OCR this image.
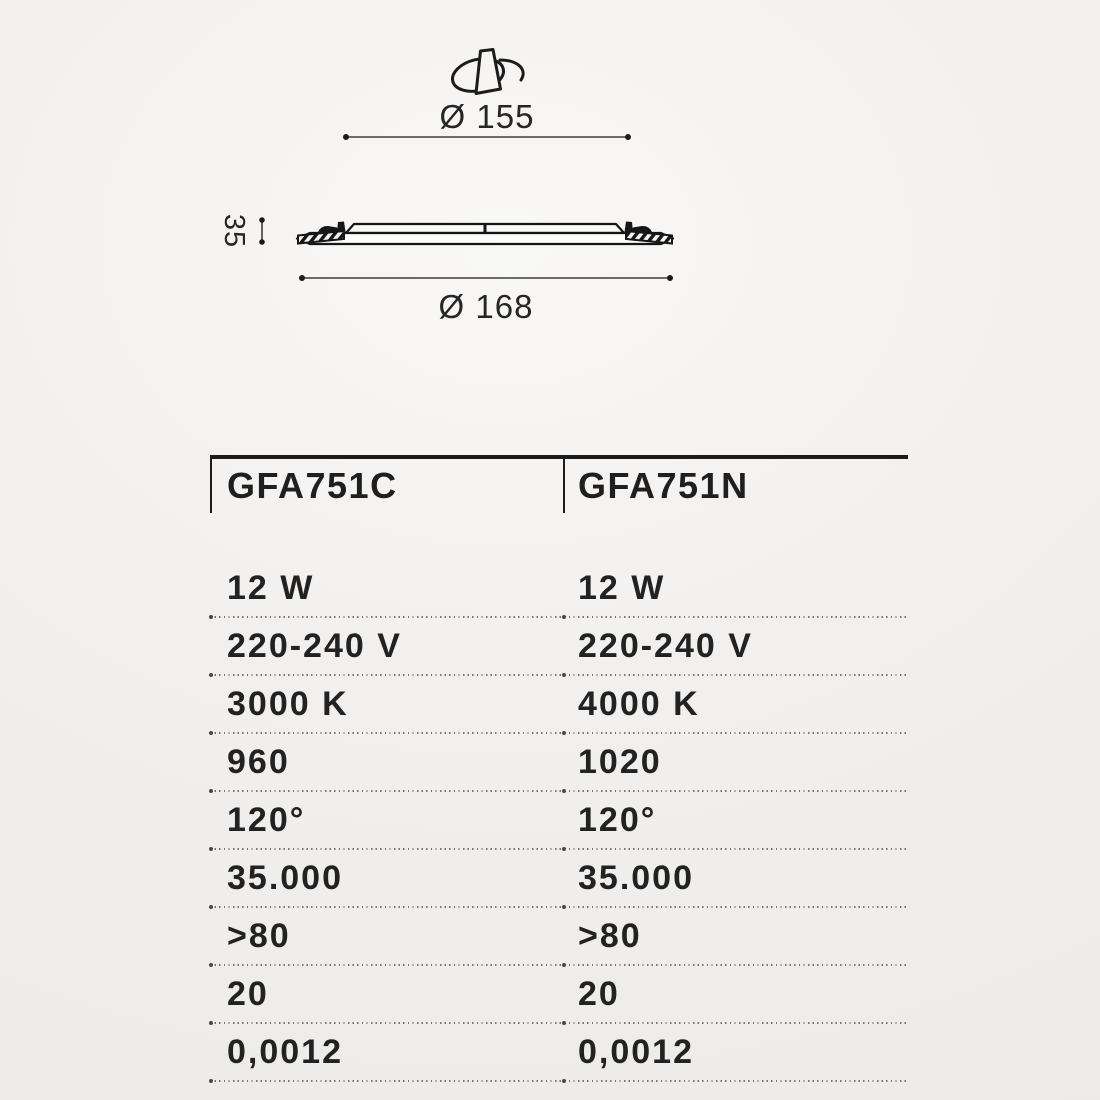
Ø 155
35
Ø 168
GFA751C	GFA751N
12 W	12 W
220-240 V	220-240 V
3000 K	4000 K
960	1020
120°	120°
35.000	35.000
>80	>80
20	20
0,0012	0,0012
